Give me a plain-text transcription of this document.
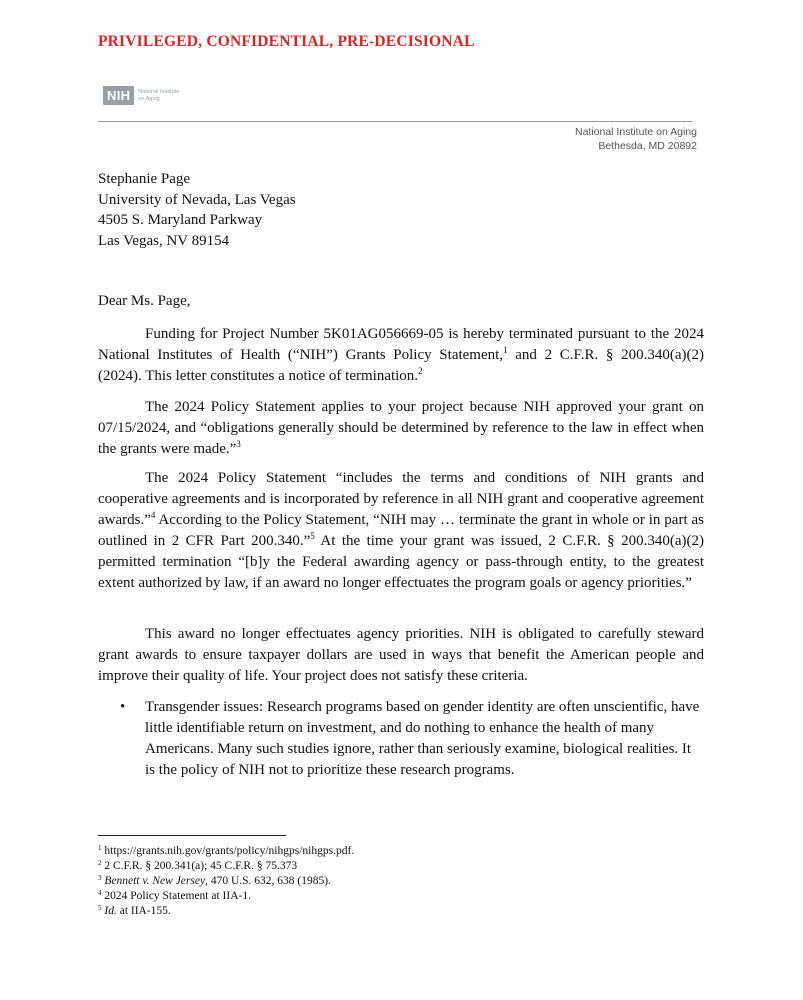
PRIVILEGED, CONFIDENTIAL, PRE-DECISIONAL
NIH	National Institute
on Aging
National Institute on Aging
Bethesda, MD 20892
Stephanie Page
University of Nevada, Las Vegas
4505 S. Maryland Parkway
Las Vegas, NV 89154
Dear Ms. Page,

Funding for Project Number 5K01AG056669-05 is hereby terminated pursuant to the 2024 National Institutes of Health (“NIH”) Grants Policy Statement,$^1$ and 2 C.F.R. § 200.340(a)(2) (2024). This letter constitutes a notice of termination.$^2$

The 2024 Policy Statement applies to your project because NIH approved your grant on 07/15/2024, and “obligations generally should be determined by reference to the law in effect when the grants were made.”$^3$

The 2024 Policy Statement “includes the terms and conditions of NIH grants and cooperative agreements and is incorporated by reference in all NIH grant and cooperative agreement awards.”$^4$ According to the Policy Statement, “NIH may … terminate the grant in whole or in part as outlined in 2 CFR Part 200.340.”$^5$ At the time your grant was issued, 2 C.F.R. § 200.340(a)(2) permitted termination “[b]y the Federal awarding agency or pass-through entity, to the greatest extent authorized by law, if an award no longer effectuates the program goals or agency priorities.”

This award no longer effectuates agency priorities. NIH is obligated to carefully steward grant awards to ensure taxpayer dollars are used in ways that benefit the American people and improve their quality of life. Your project does not satisfy these criteria.

• Transgender issues: Research programs based on gender identity are often unscientific, have little identifiable return on investment, and do nothing to enhance the health of many Americans. Many such studies ignore, rather than seriously examine, biological realities. It is the policy of NIH not to prioritize these research programs.
$^1$ https://grants.nih.gov/grants/policy/nihgps/nihgps.pdf.
$^2$ 2 C.F.R. § 200.341(a); 45 C.F.R. § 75.373
$^3$ Bennett v. New Jersey, 470 U.S. 632, 638 (1985).
$^4$ 2024 Policy Statement at IIA-1.
$^5$ Id. at IIA-155.
